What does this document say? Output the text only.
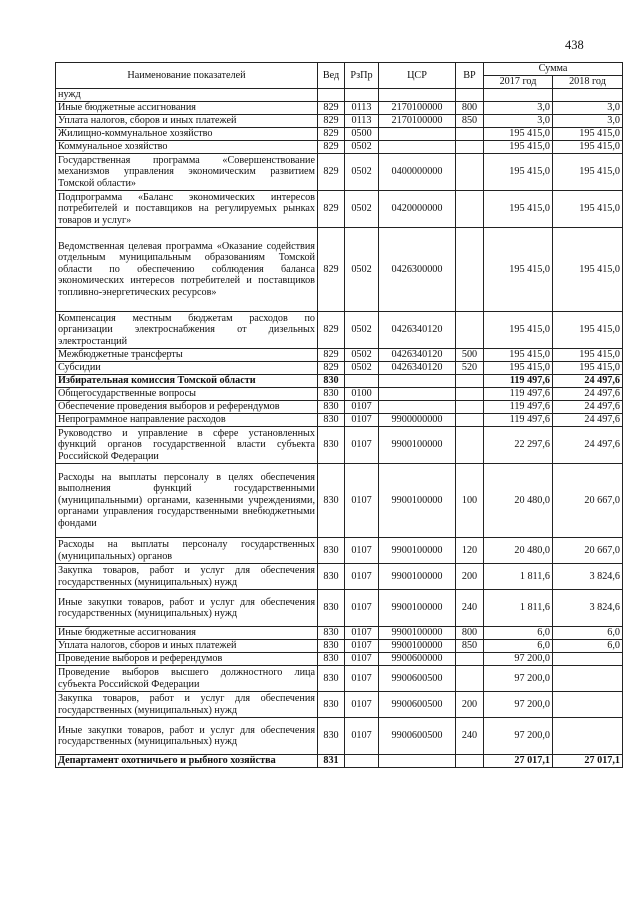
438
Наименование показателей	Вед	РзПр	ЦСР	ВР	Сумма	
					2017 год	2018 год
нужд						
Иные бюджетные ассигнования	829	0113	2170100000	800	3,0	3,0
Уплата налогов, сборов и иных платежей	829	0113	2170100000	850	3,0	3,0
Жилищно-коммунальное хозяйство	829	0500			195 415,0	195 415,0
Коммунальное хозяйство	829	0502			195 415,0	195 415,0
Государственная программа «Совершенствование механизмов управления экономическим развитием Томской области»	829	0502	0400000000		195 415,0	195 415,0
Подпрограмма «Баланс экономических интересов потребителей и поставщиков на регулируемых рынках товаров и услуг»	829	0502	0420000000		195 415,0	195 415,0
Ведомственная целевая программа «Оказание содействия отдельным муниципальным образованиям Томской области по обеспечению соблюдения баланса экономических интересов потребителей и поставщиков топливно-энергетических ресурсов»	829	0502	0426300000		195 415,0	195 415,0
Компенсация местным бюджетам расходов по организации электроснабжения от дизельных электростанций	829	0502	0426340120		195 415,0	195 415,0
Межбюджетные трансферты	829	0502	0426340120	500	195 415,0	195 415,0
Субсидии	829	0502	0426340120	520	195 415,0	195 415,0
Избирательная комиссия Томской области	830				119 497,6	24 497,6
Общегосударственные вопросы	830	0100			119 497,6	24 497,6
Обеспечение проведения выборов и референдумов	830	0107			119 497,6	24 497,6
Непрограммное направление расходов	830	0107	9900000000		119 497,6	24 497,6
Руководство и управление в сфере установленных функций органов государственной власти субъекта Российской Федерации	830	0107	9900100000		22 297,6	24 497,6
Расходы на выплаты персоналу в целях обеспечения выполнения функций государственными (муниципальными) органами, казенными учреждениями, органами управления государственными внебюджетными фондами	830	0107	9900100000	100	20 480,0	20 667,0
Расходы на выплаты персоналу государственных (муниципальных) органов	830	0107	9900100000	120	20 480,0	20 667,0
Закупка товаров, работ и услуг для обеспечения государственных (муниципальных) нужд	830	0107	9900100000	200	1 811,6	3 824,6
Иные закупки товаров, работ и услуг для обеспечения государственных (муниципальных) нужд	830	0107	9900100000	240	1 811,6	3 824,6
Иные бюджетные ассигнования	830	0107	9900100000	800	6,0	6,0
Уплата налогов, сборов и иных платежей	830	0107	9900100000	850	6,0	6,0
Проведение выборов и референдумов	830	0107	9900600000		97 200,0	
Проведение выборов высшего должностного лица субъекта Российской Федерации	830	0107	9900600500		97 200,0	
Закупка товаров, работ и услуг для обеспечения государственных (муниципальных) нужд	830	0107	9900600500	200	97 200,0	
Иные закупки товаров, работ и услуг для обеспечения государственных (муниципальных) нужд	830	0107	9900600500	240	97 200,0	
Департамент охотничьего и рыбного хозяйства	831				27 017,1	27 017,1
